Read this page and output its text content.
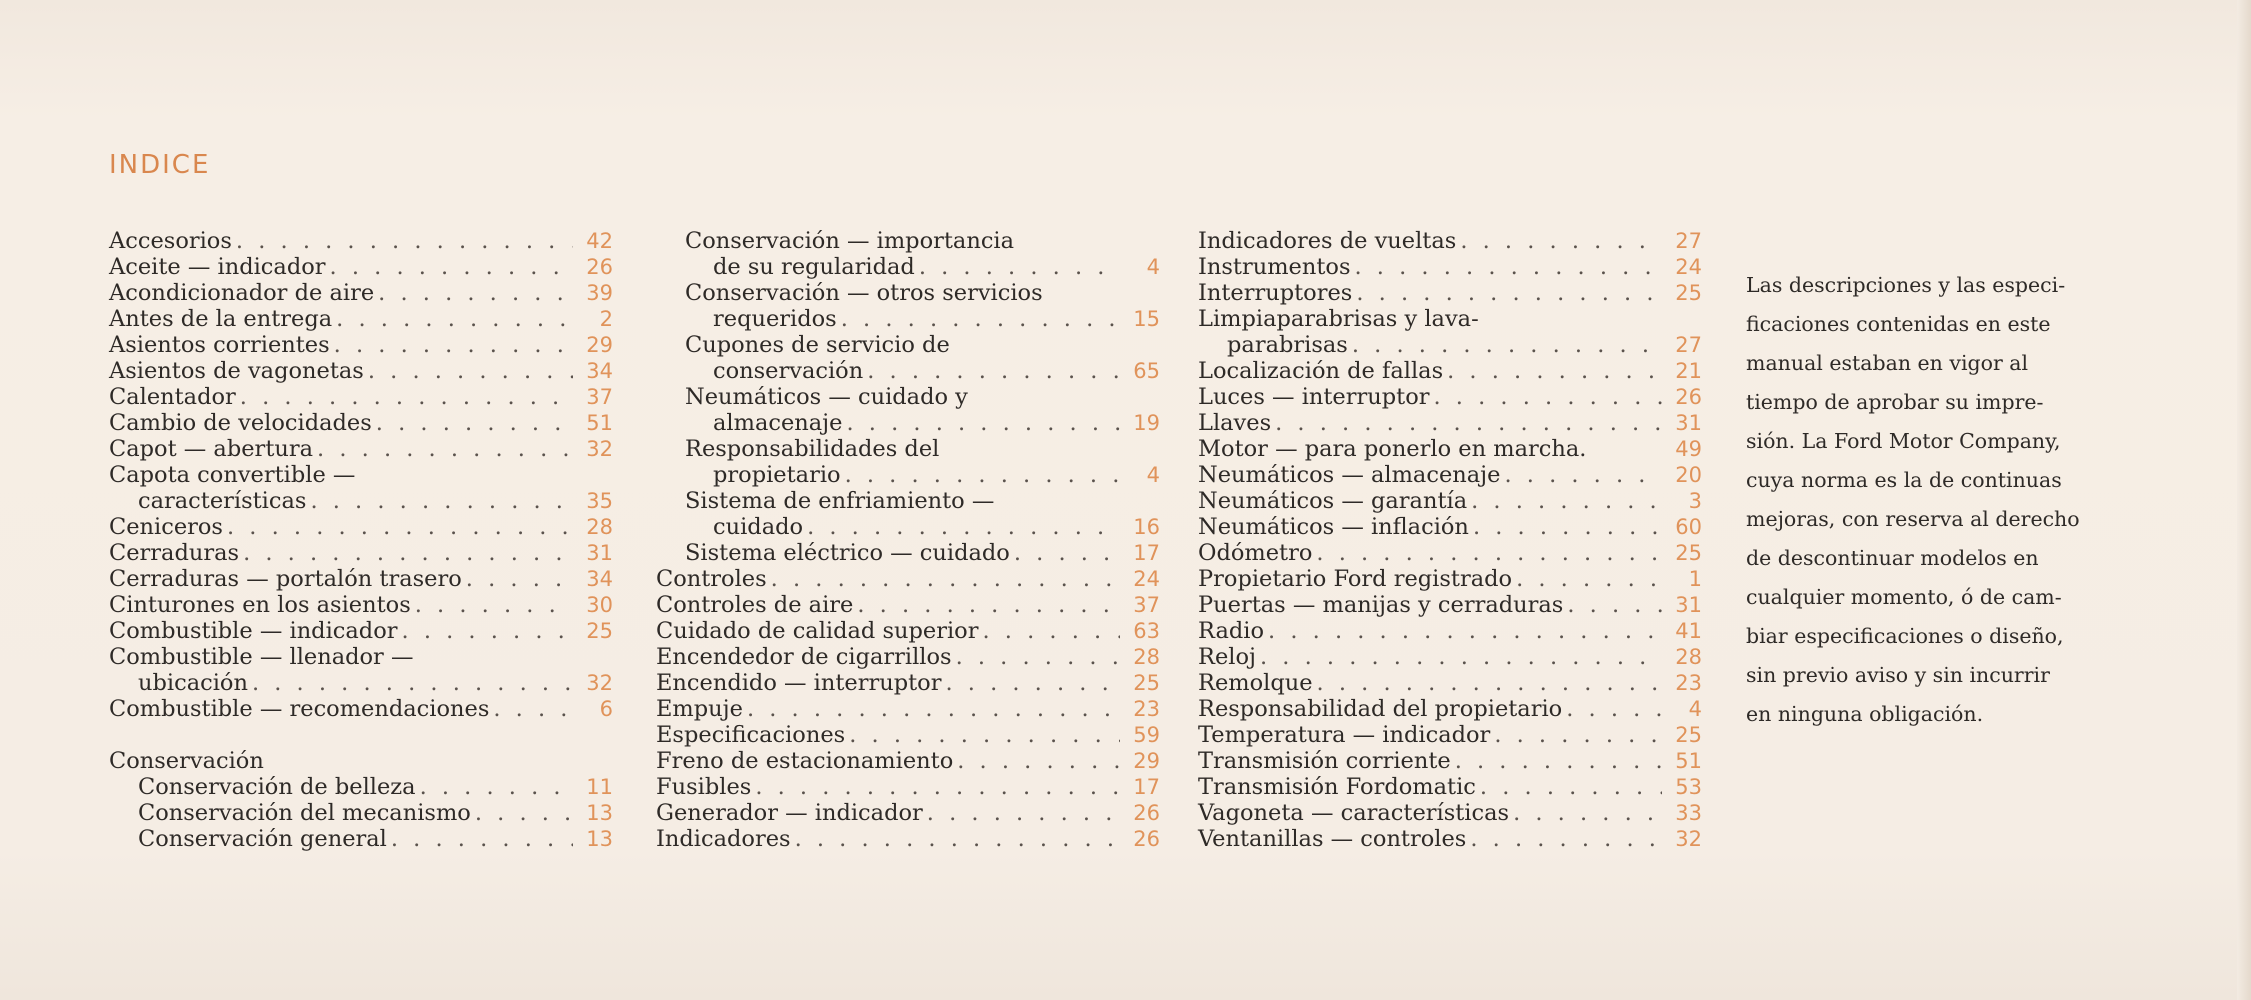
INDICE
Accesorios . . .	42
Aceite — indicador . . .	26
Acondicionador de aire . . .	39
Antes de la entrega . . .	2
Asientos corrientes . . .	29
Asientos de vagonetas . . .	34
Calentador . . .	37
Cambio de velocidades . . .	51
Capot — abertura . . .	32
Capota convertible —
características . . .	35
Ceniceros . . .	28
Cerraduras . . .	31
Cerraduras — portalón trasero . . .	34
Cinturones en los asientos . . .	30
Combustible — indicador . . .	25
Combustible — llenador —
ubicación . . .	32
Combustible — recomendaciones . . .	6
Conservación
Conservación de belleza . . .	11
Conservación del mecanismo . . .	13
Conservación general . . .	13
Conservación — importancia
de su regularidad . . .	4
Conservación — otros servicios
requeridos . . .	15
Cupones de servicio de
conservación . . .	65
Neumáticos — cuidado y
almacenaje . . .	19
Responsabilidades del
propietario . . .	4
Sistema de enfriamiento —
cuidado . . .	16
Sistema eléctrico — cuidado . . .	17
Controles . . .	24
Controles de aire . . .	37
Cuidado de calidad superior . . .	63
Encendedor de cigarrillos . . .	28
Encendido — interruptor . . .	25
Empuje . . .	23
Especificaciones . . .	59
Freno de estacionamiento . . .	29
Fusibles . . .	17
Generador — indicador . . .	26
Indicadores . . .	26
Indicadores de vueltas . . .	27
Instrumentos . . .	24
Interruptores . . .	25
Limpiaparabrisas y lava-
parabrisas . . .	27
Localización de fallas . . .	21
Luces — interruptor . . .	26
Llaves . . .	31
Motor — para ponerlo en marcha.	49
Neumáticos — almacenaje . . .	20
Neumáticos — garantía . . .	3
Neumáticos — inflación . . .	60
Odómetro . . .	25
Propietario Ford registrado . . .	1
Puertas — manijas y cerraduras . . .	31
Radio . . .	41
Reloj . . .	28
Remolque . . .	23
Responsabilidad del propietario . . .	4
Temperatura — indicador . . .	25
Transmisión corriente . . .	51
Transmisión Fordomatic . . .	53
Vagoneta — características . . .	33
Ventanillas — controles . . .	32
Las descripciones y las especi-
ficaciones contenidas en este
manual estaban en vigor al
tiempo de aprobar su impre-
sión. La Ford Motor Company,
cuya norma es la de continuas
mejoras, con reserva al derecho
de descontinuar modelos en
cualquier momento, ó de cam-
biar especificaciones o diseño,
sin previo aviso y sin incurrir
en ninguna obligación.
